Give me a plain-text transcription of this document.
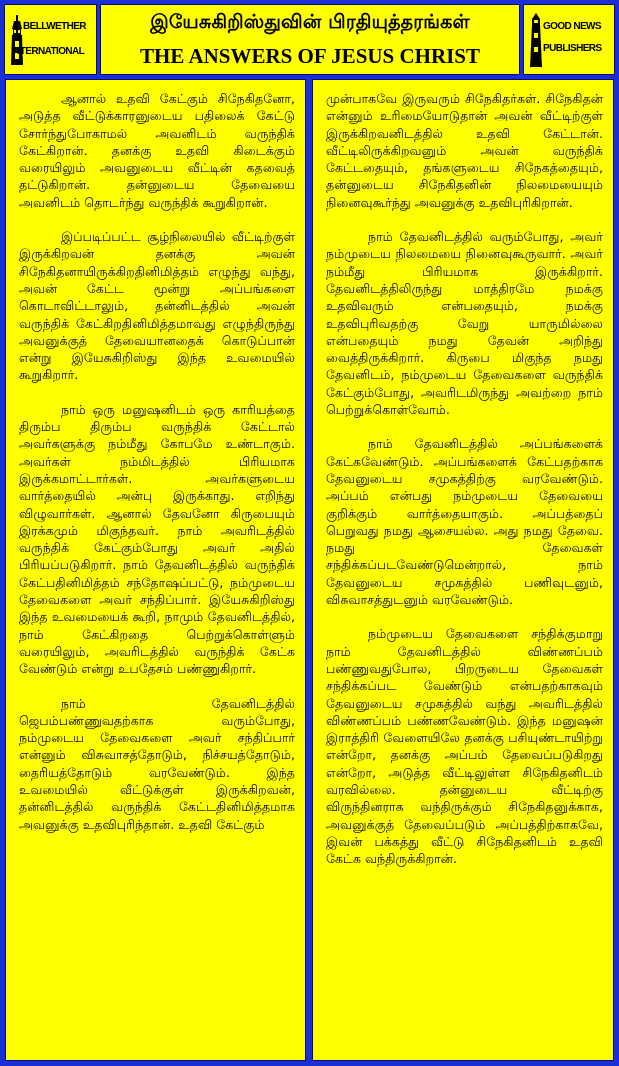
BELLWETHER
INTERNATIONAL
இயேசுகிறிஸ்துவின் பிரதியுத்தரங்கள்
THE ANSWERS OF JESUS CHRIST
GOOD NEWS
PUBLISHERS

ஆனால் உதவி கேட்கும் சிநேகிதனோ, அடுத்த வீட்டுக்காரனுடைய பதிலைக் கேட்டு சோர்ந்துபோகாமல் அவனிடம் வருந்திக் கேட்கிறான். தனக்கு உதவி கிடைக்கும் வரையிலும் அவனுடைய வீட்டின் கதவைத் தட்டுகிறான். தன்னுடைய தேவையை அவனிடம் தொடர்ந்து வருந்திக் கூறுகிறான்.

இப்படிப்பட்ட சூழ்நிலையில் வீட்டிற்குள் இருக்கிறவன் தனக்கு அவன் சிநேகிதனாயிருக்கிறதினிமித்தம் எழுந்து வந்து, அவன் கேட்ட மூன்று அப்பங்களை கொடாவிட்டாலும், தன்னிடத்தில் அவன் வருந்திக் கேட்கிறதினிமித்தமாவது எழுந்திருந்து அவனுக்குத் தேவையானதைக் கொடுப்பான் என்று இயேசுகிறிஸ்து இந்த உவமையில் கூறுகிறார்.

நாம் ஒரு மனுஷனிடம் ஒரு காரியத்தை திரும்ப திரும்ப வருந்திக் கேட்டால் அவர்களுக்கு நம்மீது கோபமே உண்டாகும். அவர்கள் நம்மிடத்தில் பிரியமாக இருக்கமாட்டார்கள். அவர்களுடைய வார்த்தையில் அன்பு இருக்காது. எறிந்து விழுவார்கள். ஆனால் தேவனோ கிருபையும் இரக்கமும் மிகுந்தவர். நாம் அவரிடத்தில் வருந்திக் கேட்கும்போது அவர் அதில் பிரியப்படுகிறார். நாம் தேவனிடத்தில் வருந்திக் கேட்பதினிமித்தம் சந்தோஷப்பட்டு, நம்முடைய தேவைகளை அவர் சந்திப்பார். இயேசுகிறிஸ்து இந்த உவமையைக் கூறி, நாமும் தேவனிடத்தில், நாம் கேட்கிறதை பெற்றுக்கொள்ளும் வரையிலும், அவரிடத்தில் வருந்திக் கேட்க வேண்டும் என்று உபதேசம் பண்ணுகிறார்.

நாம் தேவனிடத்தில் ஜெபம்பண்ணுவதற்காக வரும்போது, நம்முடைய தேவைகளை அவர் சந்திப்பார் என்னும் விசுவாசத்தோடும், நிச்சயத்தோடும், தைரியத்தோடும் வரவேண்டும். இந்த உவமையில் வீட்டுக்குள் இருக்கிறவன், தன்னிடத்தில் வருந்திக் கேட்டதினிமித்தமாக அவனுக்கு உதவிபுரிந்தான். உதவி கேட்கும்

முன்பாகவே இருவரும் சிநேகிதர்கள். சிநேகிதன் என்னும் உரிமையோடுதான் அவன் வீட்டிற்குள் இருக்கிறவனிடத்தில் உதவி கேட்டான். வீட்டிலிருக்கிறவனும் அவன் வருந்திக் கேட்டதையும், தங்களுடைய சிநேகத்தையும், தன்னுடைய சிநேகிதனின் நிலமையையும் நினைவுகூர்ந்து அவனுக்கு உதவிபுரிகிறான்.

நாம் தேவனிடத்தில் வரும்போது, அவர் நம்முடைய நிலமையை நினைவுகூருவார். அவர் நம்மீது பிரியமாக இருக்கிறார். தேவனிடத்திலிருந்து மாத்திரமே நமக்கு உதவிவரும் என்பதையும், நமக்கு உதவிபுரிவதற்கு வேறு யாருமில்லை என்பதையும் நமது தேவன் அறிந்து வைத்திருக்கிறார். கிருபை மிகுந்த நமது தேவனிடம், நம்முடைய தேவைகளை வருந்திக் கேட்கும்போது, அவரிடமிருந்து அவற்றை நாம் பெற்றுக்கொள்வோம்.

நாம் தேவனிடத்தில் அப்பங்களைக் கேட்கவேண்டும். அப்பங்களைக் கேட்பதற்காக தேவனுடைய சமுகத்திற்கு வரவேண்டும். அப்பம் என்பது நம்முடைய தேவையை குறிக்கும் வார்த்தையாகும். அப்பத்தைப் பெறுவது நமது ஆசையல்ல. அது நமது தேவை. நமது தேவைகள் சந்திக்கப்படவேண்டுமென்றால், நாம் தேவனுடைய சமுகத்தில் பணிவுடனும், விசுவாசத்துடனும் வரவேண்டும்.

நம்முடைய தேவைகளை சந்திக்குமாறு நாம் தேவனிடத்தில் விண்ணப்பம் பண்ணுவதுபோல, பிறருடைய தேவைகள் சந்திக்கப்பட வேண்டும் என்பதற்காகவும் தேவனுடைய சமுகத்தில் வந்து அவரிடத்தில் விண்ணப்பம் பண்ணவேண்டும். இந்த மனுஷன் இராத்திரி வேளையிலே தனக்கு பசியுண்டாயிற்று என்றோ, தனக்கு அப்பம் தேவைப்படுகிறது என்றோ, அடுத்த வீட்டிலுள்ள சிநேகிதனிடம் வரவில்லை. தன்னுடைய வீட்டிற்கு விருந்தினராக வந்திருக்கும் சிநேகிதனுக்காக, அவனுக்குத் தேவைப்படும் அப்பத்திற்காகவே, இவன் பக்கத்து வீட்டு சிநேகிதனிடம் உதவி கேட்க வந்திருக்கிறான்.
